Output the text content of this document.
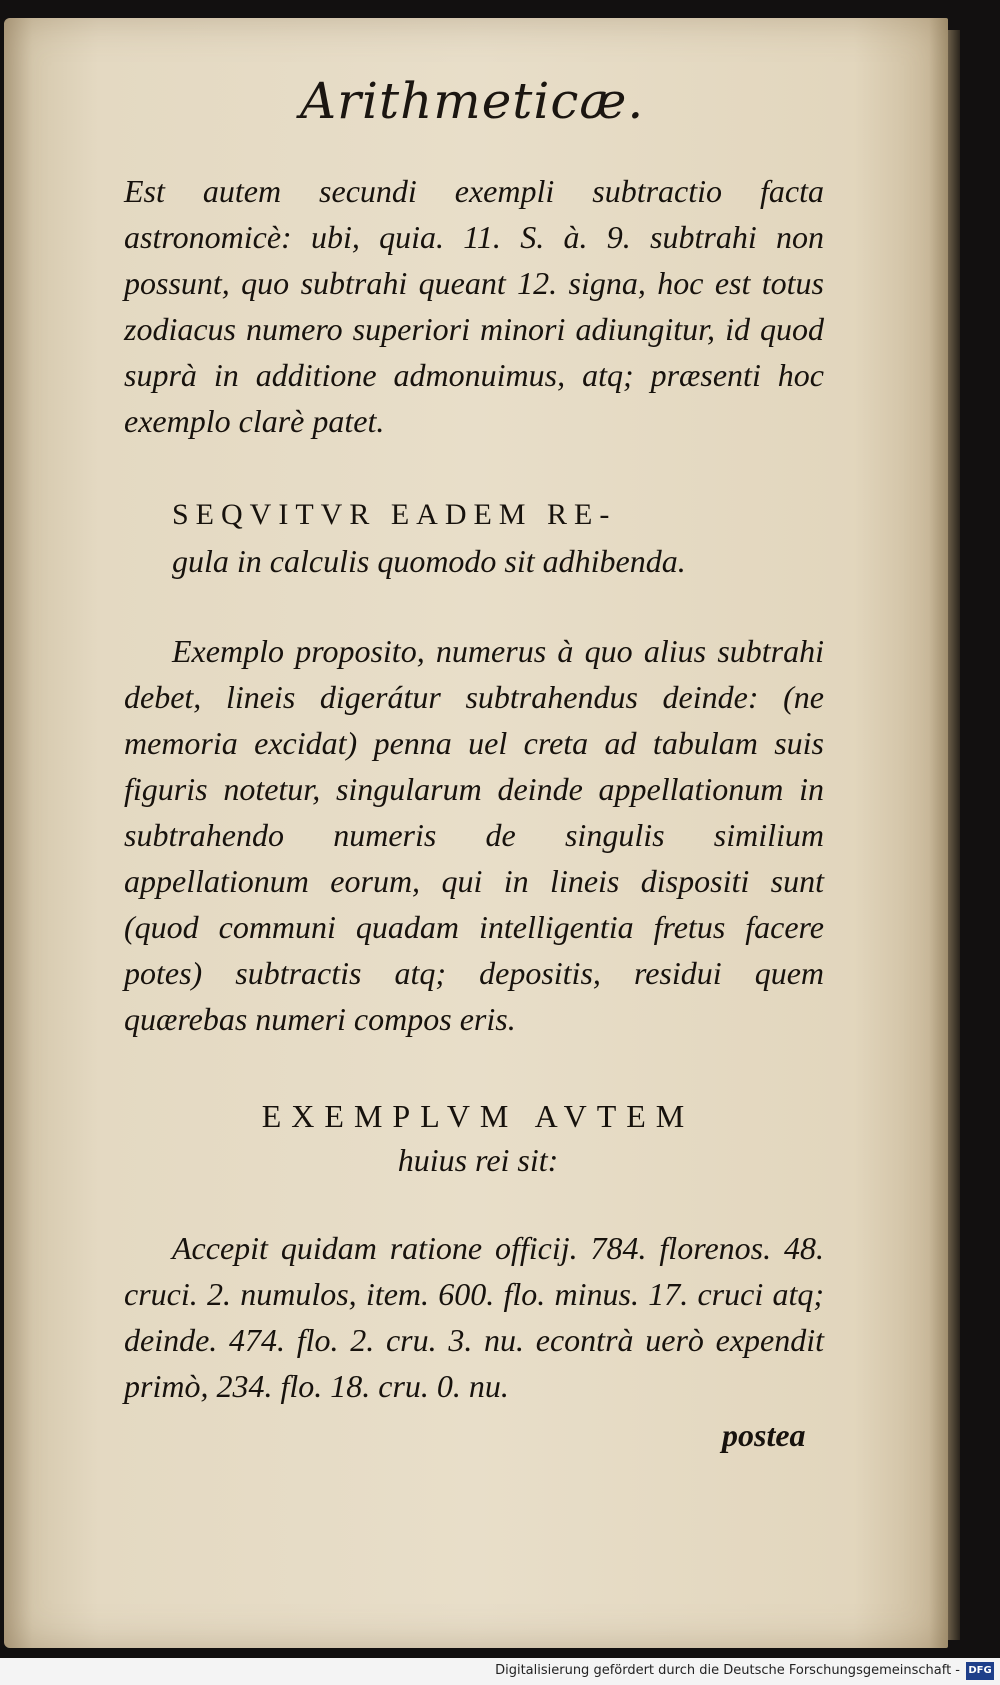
Arithmeticæ.
Est autem secundi exempli subtractio facta astronomicè: ubi, quia. 11. S. à. 9. subtrahi non possunt, quo subtrahi queant 12. signa, hoc est totus zodiacus numero superiori minori adiungitur, id quod suprà in additione admonuimus, atq; præsenti hoc exemplo clarè patet.
SEQVITVR EADEM RE-
gula in calculis quomodo sit adhibenda.
Exemplo proposito, numerus à quo alius subtrahi debet, lineis digerátur subtrahendus deinde: (ne memoria excidat) penna uel creta ad tabulam suis figuris notetur, singularum deinde appellationum in subtrahendo numeris de singulis similium appellationum eorum, qui in lineis dispositi sunt (quod communi quadam intelligentia fretus facere potes) subtractis atq; depositis, residui quem quærebas numeri compos eris.
EXEMPLVM AVTEM
huius rei sit:
Accepit quidam ratione officij. 784. florenos. 48. cruci. 2. numulos, item. 600. flo. minus. 17. cruci atq; deinde. 474. flo. 2. cru. 3. nu. econtrà uerò expendit primò, 234. flo. 18. cru. 0. nu.
postea
Digitalisierung gefördert durch die Deutsche Forschungsgemeinschaft - DFG
